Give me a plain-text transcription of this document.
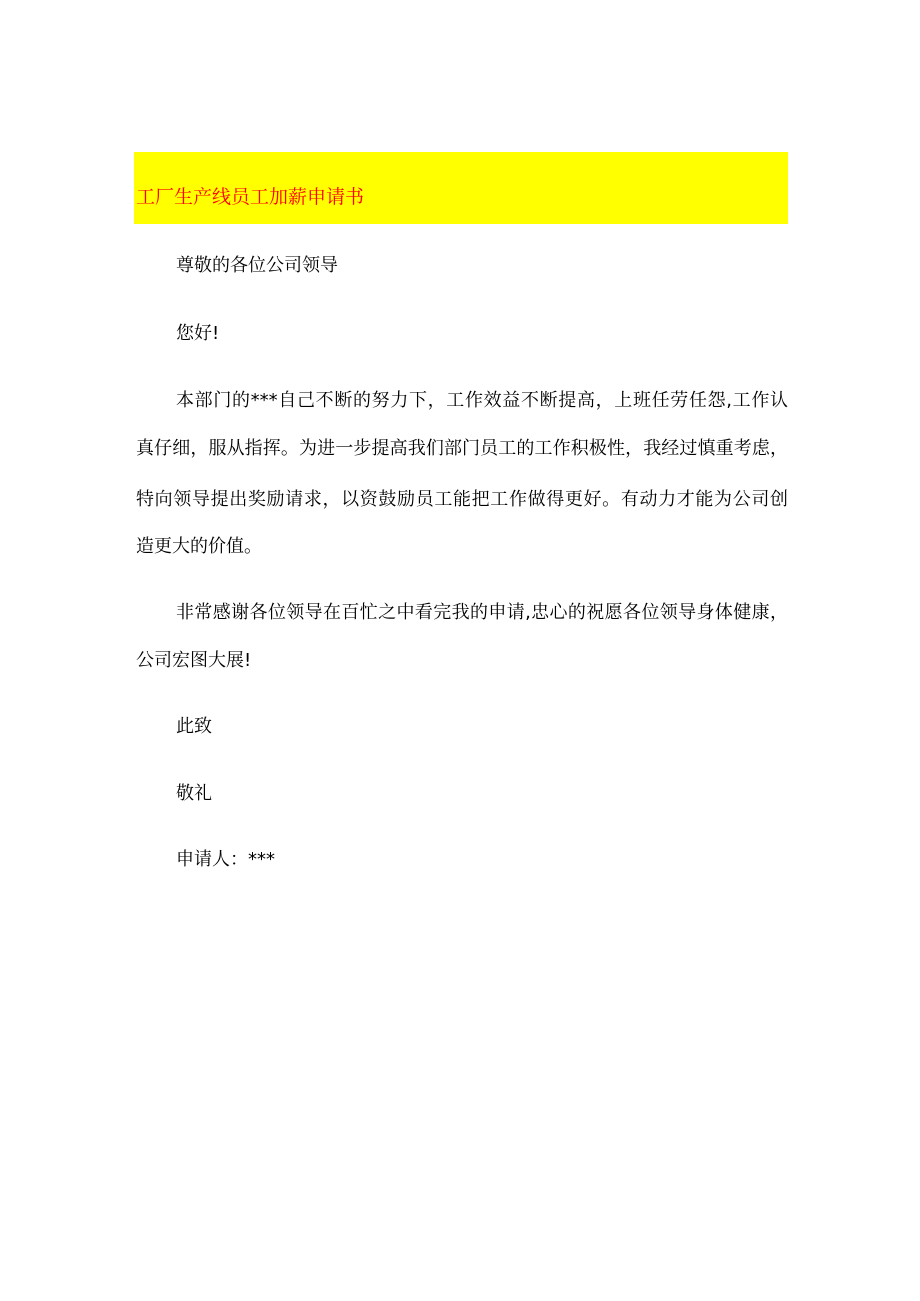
工厂生产线员工加薪申请书
尊敬的各位公司领导
您好!
本部门的***自己不断的努力下，工作效益不断提高，上班任劳任怨,工作认
真仔细，服从指挥。为进一步提高我们部门员工的工作积极性，我经过慎重考虑，
特向领导提出奖励请求，以资鼓励员工能把工作做得更好。有动力才能为公司创
造更大的价值。
非常感谢各位领导在百忙之中看完我的申请,忠心的祝愿各位领导身体健康，
公司宏图大展!
此致
敬礼
申请人：***
